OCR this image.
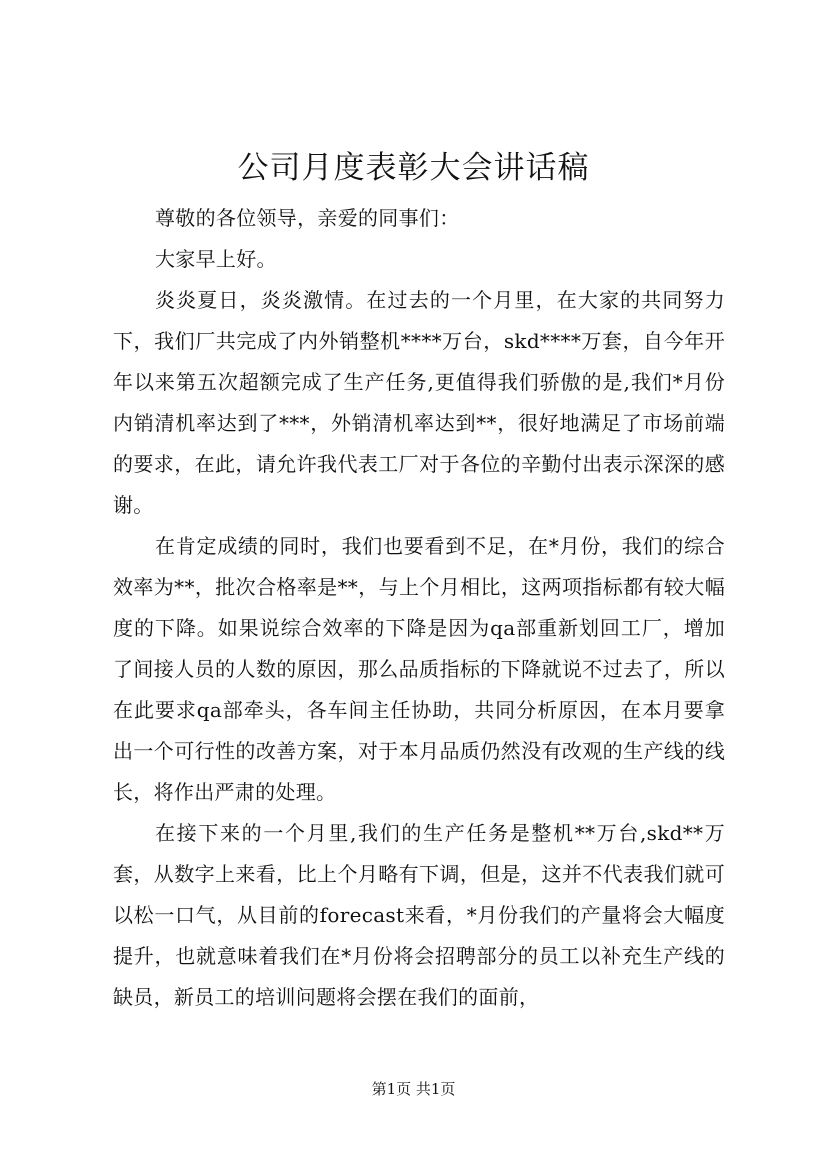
公司月度表彰大会讲话稿

尊敬的各位领导，亲爱的同事们：

大家早上好。

炎炎夏日，炎炎激情。在过去的一个月里，在大家的共同努力下，我们厂共完成了内外销整机****万台，skd****万套，自今年开年以来第五次超额完成了生产任务,更值得我们骄傲的是,我们*月份内销清机率达到了***，外销清机率达到**，很好地满足了市场前端的要求，在此，请允许我代表工厂对于各位的辛勤付出表示深深的感谢。

在肯定成绩的同时，我们也要看到不足，在*月份，我们的综合效率为**，批次合格率是**，与上个月相比，这两项指标都有较大幅度的下降。如果说综合效率的下降是因为qa部重新划回工厂，增加了间接人员的人数的原因，那么品质指标的下降就说不过去了，所以在此要求qa部牵头，各车间主任协助，共同分析原因，在本月要拿出一个可行性的改善方案，对于本月品质仍然没有改观的生产线的线长，将作出严肃的处理。

在接下来的一个月里,我们的生产任务是整机**万台,skd**万套，从数字上来看，比上个月略有下调，但是，这并不代表我们就可以松一口气，从目前的forecast来看，*月份我们的产量将会大幅度提升，也就意味着我们在*月份将会招聘部分的员工以补充生产线的缺员，新员工的培训问题将会摆在我们的面前，

第1页 共1页
